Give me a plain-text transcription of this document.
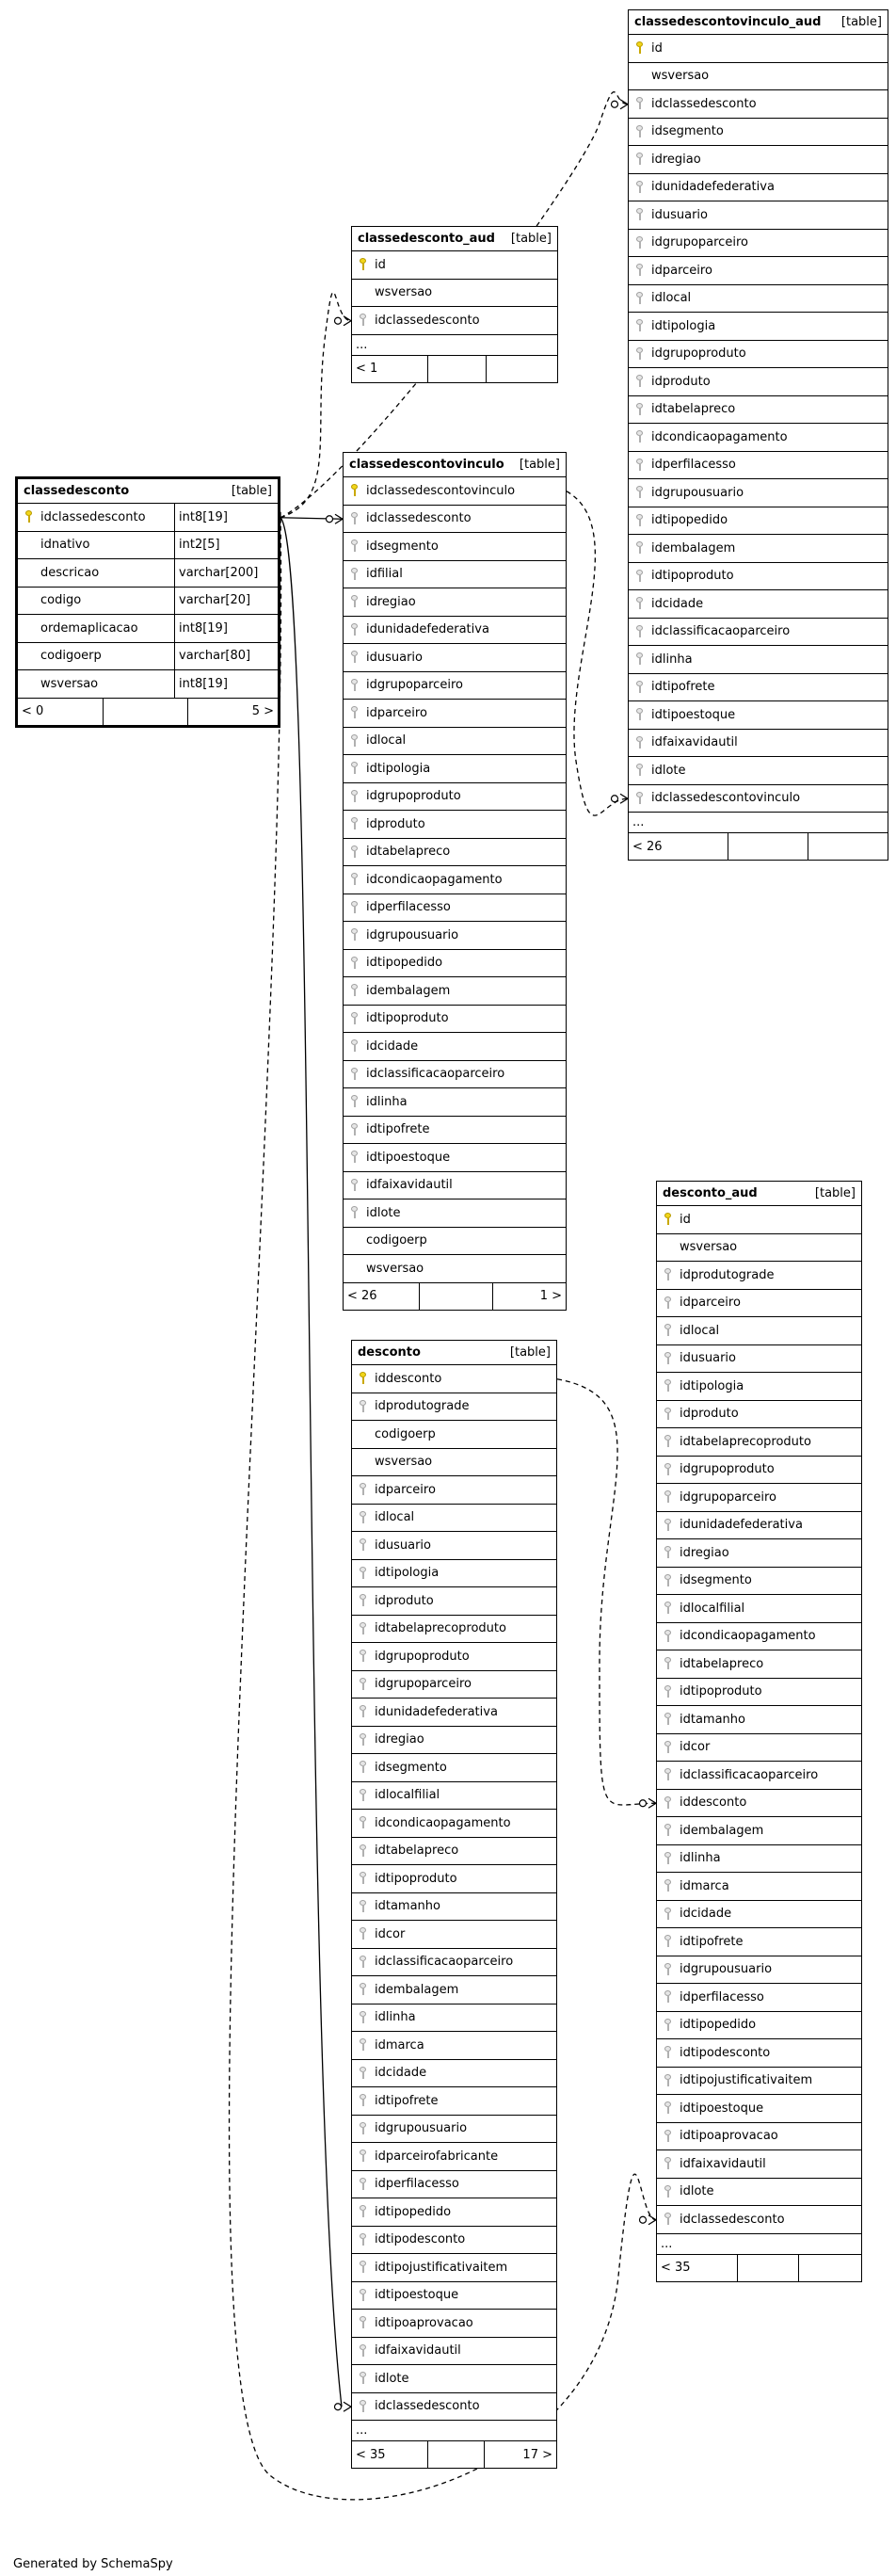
classedesconto	[table]
idclassedesconto	int8[19]
idnativo	int2[5]
descricao	varchar[200]
codigo	varchar[20]
ordemaplicacao	int8[19]
codigoerp	varchar[80]
wsversao	int8[19]
< 0	5 >
classedesconto_aud [table]
id
wsversao
idclassedesconto
...
< 1
classedescontovinculo [table]
idclassedescontovinculo
idclassedesconto
idsegmento
idfilial
idregiao
idunidadefederativa
idusuario
idgrupoparceiro
idparceiro
idlocal
idtipologia
idgrupoproduto
idproduto
idtabelapreco
idcondicaopagamento
idperfilacesso
idgrupousuario
idtipopedido
idembalagem
idtipoproduto
idcidade
idclassificacaoparceiro
idlinha
idtipofrete
idtipoestoque
idfaixavidautil
idlote
codigoerp
wsversao
< 26	1 >
classedescontovinculo_aud [table]
id
wsversao
idclassedesconto
idsegmento
idregiao
idunidadefederativa
idusuario
idgrupoparceiro
idparceiro
idlocal
idtipologia
idgrupoproduto
idproduto
idtabelapreco
idcondicaopagamento
idperfilacesso
idgrupousuario
idtipopedido
idembalagem
idtipoproduto
idcidade
idclassificacaoparceiro
idlinha
idtipofrete
idtipoestoque
idfaixavidautil
idlote
idclassedescontovinculo
...
< 26
desconto	[table]
iddesconto
idprodutograde
codigoerp
wsversao
idparceiro
idlocal
idusuario
idtipologia
idproduto
idtabelaprecoproduto
idgrupoproduto
idgrupoparceiro
idunidadefederativa
idregiao
idsegmento
idlocalfilial
idcondicaopagamento
idtabelapreco
idtipoproduto
idtamanho
idcor
idclassificacaoparceiro
idembalagem
idlinha
idmarca
idcidade
idtipofrete
idgrupousuario
idparceirofabricante
idperfilacesso
idtipopedido
idtipodesconto
idtipojustificativaitem
idtipoestoque
idtipoaprovacao
idfaixavidautil
idlote
idclassedesconto
...
< 35	17 >
desconto_aud	[table]
id
wsversao
idprodutograde
idparceiro
idlocal
idusuario
idtipologia
idproduto
idtabelaprecoproduto
idgrupoproduto
idgrupoparceiro
idunidadefederativa
idregiao
idsegmento
idlocalfilial
idcondicaopagamento
idtabelapreco
idtipoproduto
idtamanho
idcor
idclassificacaoparceiro
iddesconto
idembalagem
idlinha
idmarca
idcidade
idtipofrete
idgrupousuario
idperfilacesso
idtipopedido
idtipodesconto
idtipojustificativaitem
idtipoestoque
idtipoaprovacao
idfaixavidautil
idlote
idclassedesconto
...
< 35
Generated by SchemaSpy
